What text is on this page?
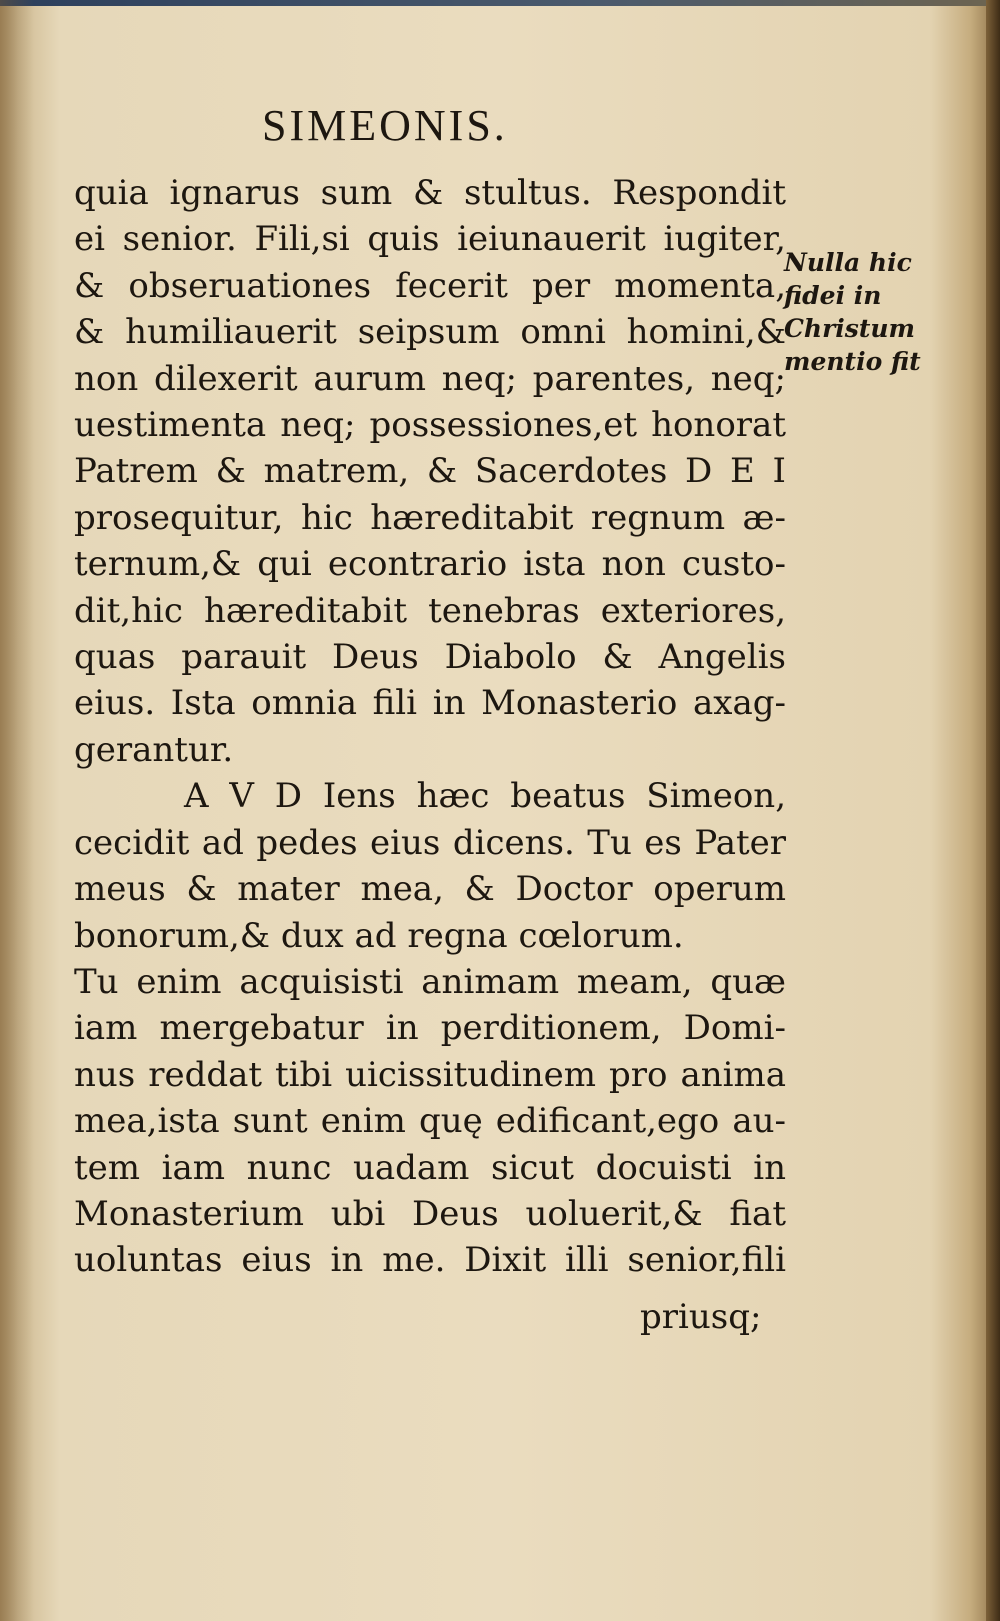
SIMEONIS.
quia ignarus sum & stultus. Respondit
ei senior. Fili,si quis ieiunauerit iugiter,
& obseruationes fecerit per momenta,
& humiliauerit seipsum omni homini,&
non dilexerit aurum neq; parentes, neq;
uestimenta neq; possessiones,et honorat
Patrem & matrem, & Sacerdotes D E I
prosequitur, hic hæreditabit regnum æ-
ternum,& qui econtrario ista non custo-
dit,hic hæreditabit tenebras exteriores,
quas parauit Deus Diabolo & Angelis
eius. Ista omnia fili in Monasterio axag-
gerantur.
A V D Iens hæc beatus Simeon,
cecidit ad pedes eius dicens. Tu es Pater
meus & mater mea, & Doctor operum
bonorum,& dux ad regna cœlorum.
Tu enim acquisisti animam meam, quæ
iam mergebatur in perditionem, Domi-
nus reddat tibi uicissitudinem pro anima
mea,ista sunt enim quę edificant,ego au-
tem iam nunc uadam sicut docuisti in
Monasterium ubi Deus uoluerit,& fiat
uoluntas eius in me. Dixit illi senior,fili
priusq;
Nulla hic
fidei in
Christum
mentio fit
